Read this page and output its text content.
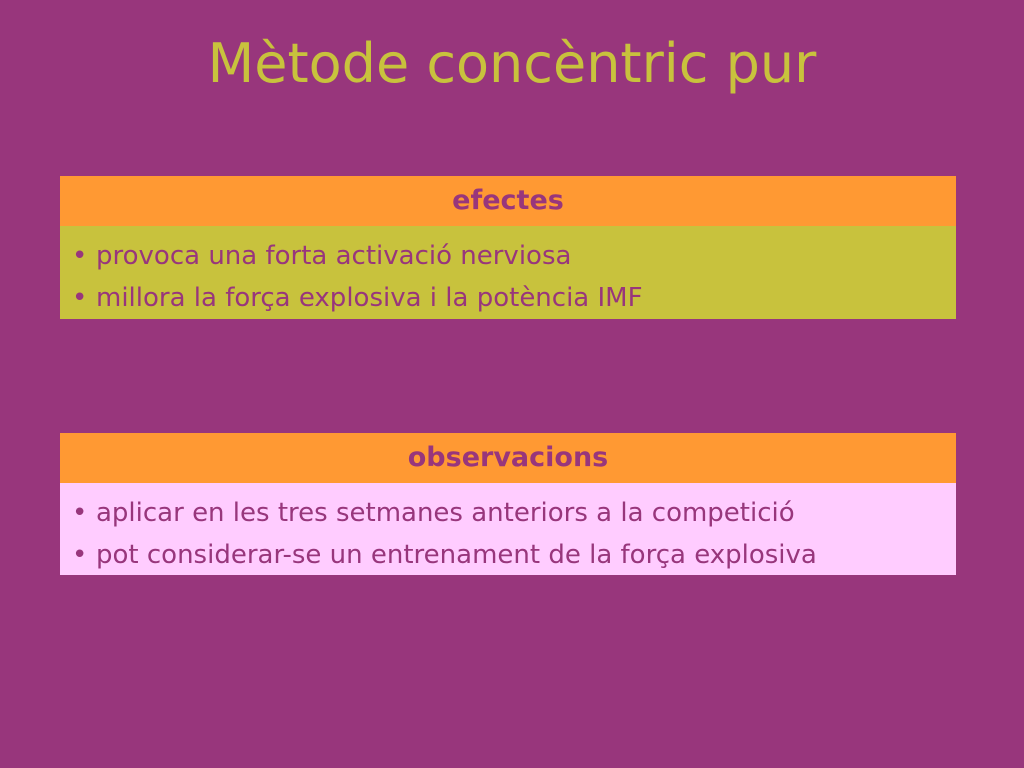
Mètode concèntric pur
efectes
• provoca una forta activació nerviosa
• millora la força explosiva i la potència IMF
observacions
• aplicar en les tres setmanes anteriors a la competició
• pot considerar-se un entrenament de la força explosiva
